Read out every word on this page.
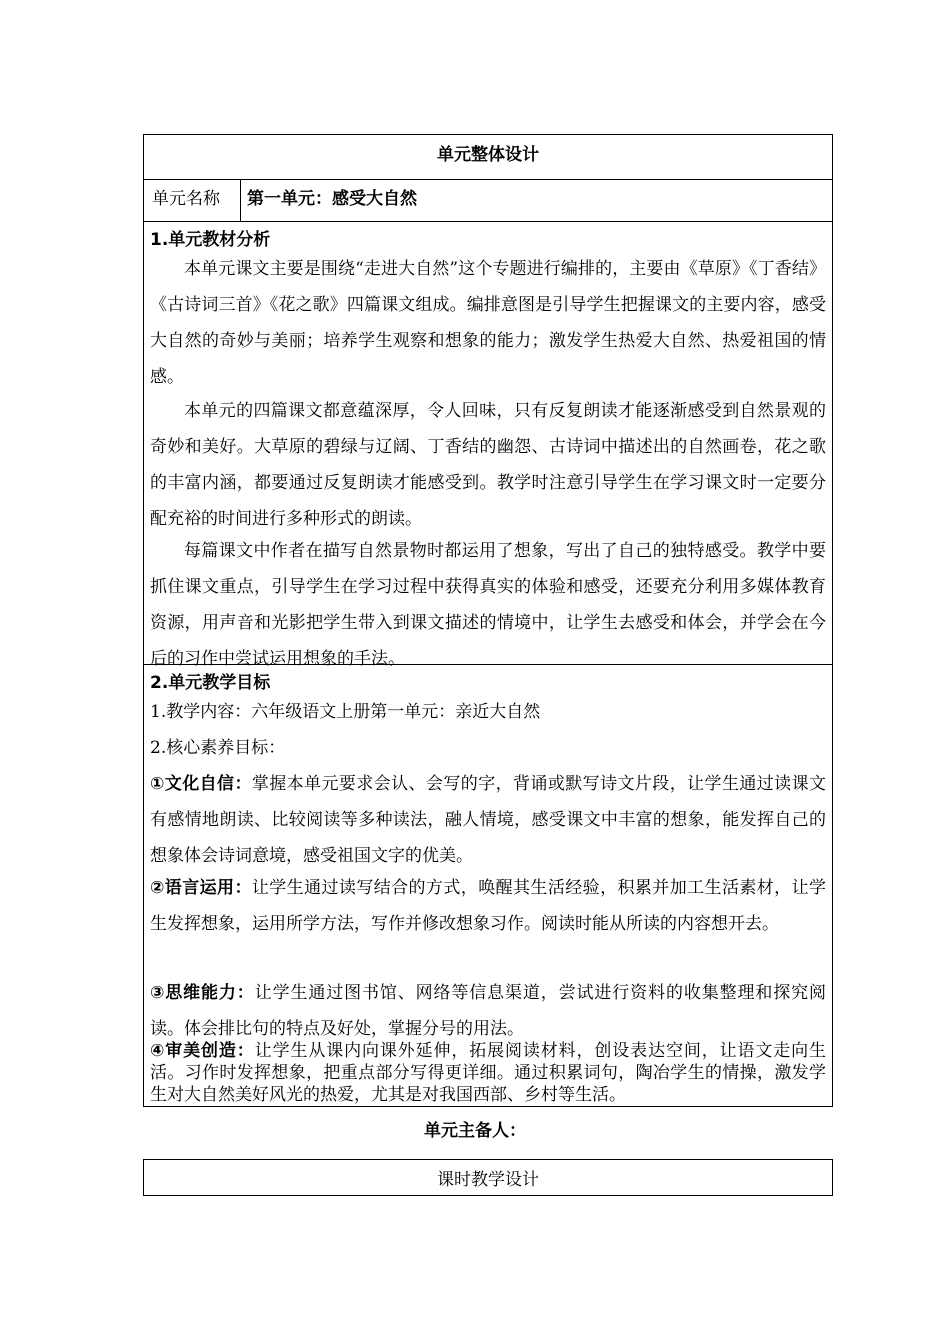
单元整体设计
单元名称 第一单元：感受大自然
1.单元教材分析

本单元课文主要是围绕“走进大自然”这个专题进行编排的，主要由《草原》《丁香结》《古诗词三首》《花之歌》四篇课文组成。编排意图是引导学生把握课文的主要内容，感受大自然的奇妙与美丽；培养学生观察和想象的能力；激发学生热爱大自然、热爱祖国的情感。

本单元的四篇课文都意蕴深厚，令人回味，只有反复朗读才能逐渐感受到自然景观的奇妙和美好。大草原的碧绿与辽阔、丁香结的幽怨、古诗词中描述出的自然画卷，花之歌的丰富内涵，都要通过反复朗读才能感受到。教学时注意引导学生在学习课文时一定要分配充裕的时间进行多种形式的朗读。

每篇课文中作者在描写自然景物时都运用了想象，写出了自己的独特感受。教学中要抓住课文重点，引导学生在学习过程中获得真实的体验和感受，还要充分利用多媒体教育资源，用声音和光影把学生带入到课文描述的情境中，让学生去感受和体会，并学会在今后的习作中尝试运用想象的手法。

2.单元教学目标

1.教学内容：六年级语文上册第一单元：亲近大自然

2.核心素养目标：

①文化自信：掌握本单元要求会认、会写的字，背诵或默写诗文片段，让学生通过读课文有感情地朗读、比较阅读等多种读法，融人情境，感受课文中丰富的想象，能发挥自己的想象体会诗词意境，感受祖国文字的优美。

②语言运用：让学生通过读写结合的方式，唤醒其生活经验，积累并加工生活素材，让学生发挥想象，运用所学方法，写作并修改想象习作。阅读时能从所读的内容想开去。

③思维能力：让学生通过图书馆、网络等信息渠道，尝试进行资料的收集整理和探究阅读。体会排比句的特点及好处，掌握分号的用法。

④审美创造：让学生从课内向课外延伸，拓展阅读材料，创设表达空间，让语文走向生活。习作时发挥想象，把重点部分写得更详细。通过积累词句，陶冶学生的情操，激发学生对大自然美好风光的热爱，尤其是对我国西部、乡村等生活。

单元主备人：
课时教学设计
